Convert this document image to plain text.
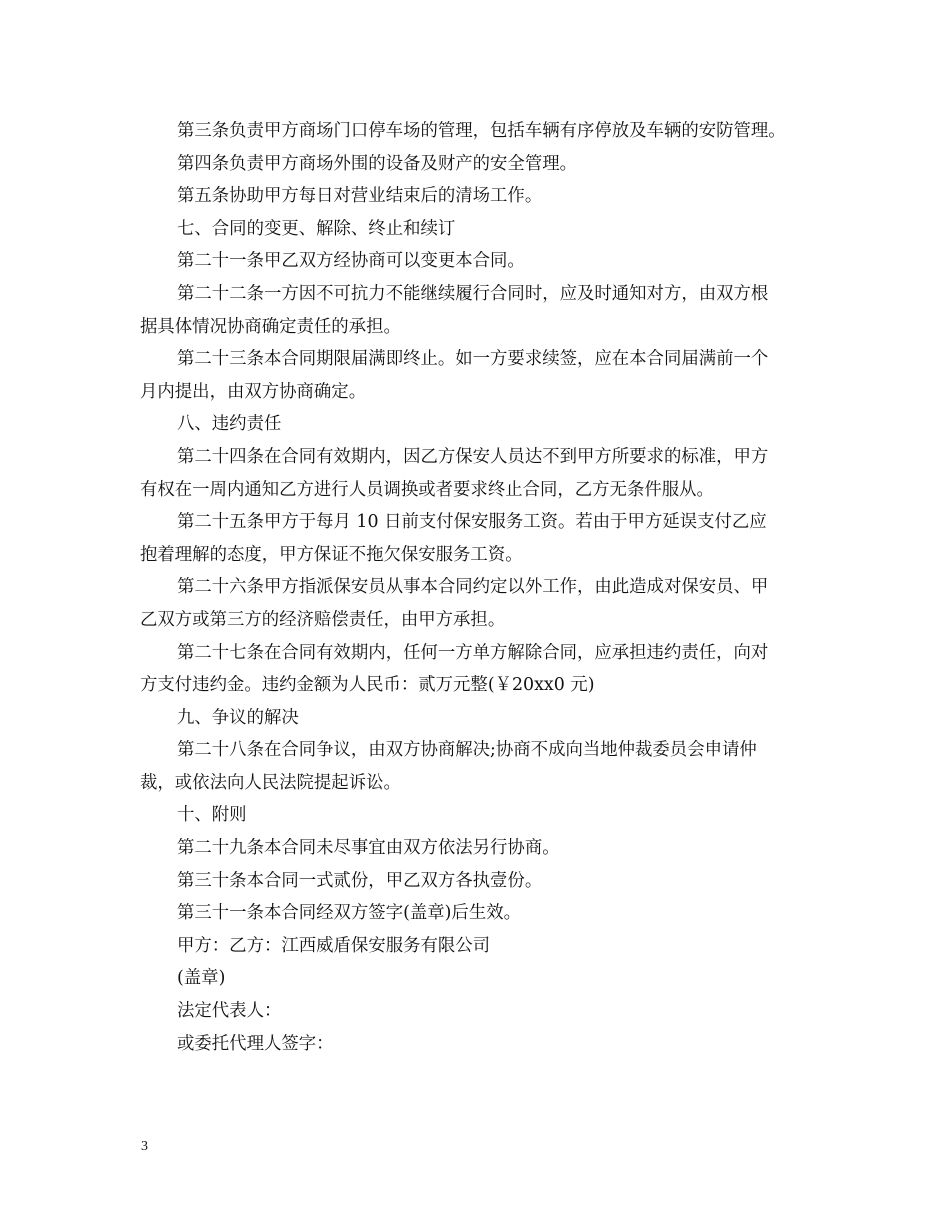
第三条负责甲方商场门口停车场的管理，包括车辆有序停放及车辆的安防管理。

第四条负责甲方商场外围的设备及财产的安全管理。

第五条协助甲方每日对营业结束后的清场工作。

七、合同的变更、解除、终止和续订

第二十一条甲乙双方经协商可以变更本合同。

第二十二条一方因不可抗力不能继续履行合同时，应及时通知对方，由双方根

据具体情况协商确定责任的承担。

第二十三条本合同期限届满即终止。如一方要求续签，应在本合同届满前一个

月内提出，由双方协商确定。

八、违约责任

第二十四条在合同有效期内，因乙方保安人员达不到甲方所要求的标准，甲方

有权在一周内通知乙方进行人员调换或者要求终止合同，乙方无条件服从。

第二十五条甲方于每月 10 日前支付保安服务工资。若由于甲方延误支付乙应

抱着理解的态度，甲方保证不拖欠保安服务工资。

第二十六条甲方指派保安员从事本合同约定以外工作，由此造成对保安员、甲

乙双方或第三方的经济赔偿责任，由甲方承担。

第二十七条在合同有效期内，任何一方单方解除合同，应承担违约责任，向对

方支付违约金。违约金额为人民币：贰万元整(￥20xx0 元)

九、争议的解决

第二十八条在合同争议，由双方协商解决;协商不成向当地仲裁委员会申请仲

裁，或依法向人民法院提起诉讼。

十、附则

第二十九条本合同未尽事宜由双方依法另行协商。

第三十条本合同一式贰份，甲乙双方各执壹份。

第三十一条本合同经双方签字(盖章)后生效。

甲方：乙方：江西威盾保安服务有限公司

(盖章)

法定代表人：

或委托代理人签字：

3
